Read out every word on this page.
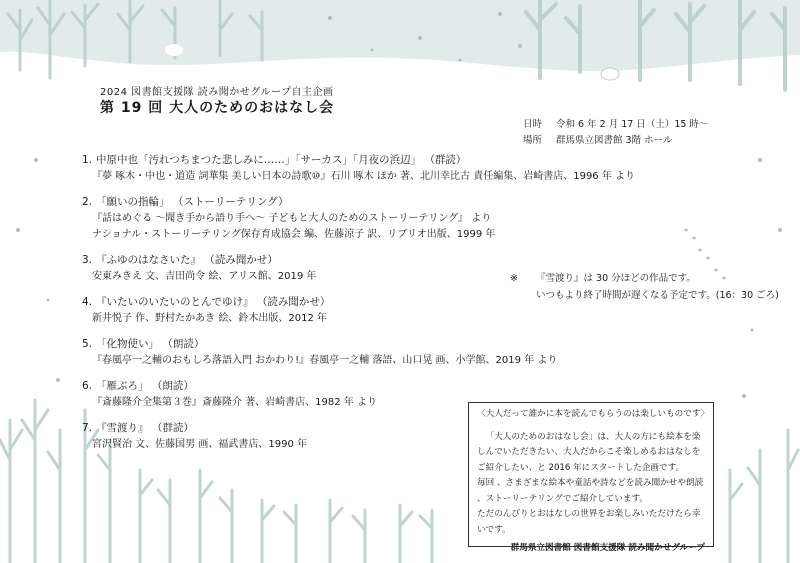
2024 図書館支援隊 読み聞かせグループ自主企画
第 19 回 大人のためのおはなし会
日時 令和 6 年 2 月 17 日（土）15 時～
場所 群馬県立図書館 3階 ホール
1. 中原中也「汚れつちまつた悲しみに……」「サーカス」「月夜の浜辺」 （群読）
『夢 啄木・中也・道造 詞華集 美しい日本の詩歌⑩』石川 啄木 ほか 著、北川幸比古 責任編集、岩崎書店、1996 年 より
2. 「願いの指輪」 （ストーリーテリング）
『話はめぐる ～聞き手から語り手へ～ 子どもと大人のためのストーリーテリング』 より
ナショナル・ストーリーテリング保存育成協会 編、佐藤涼子 訳、リブリオ出版、1999 年
3. 『ふゆのはなさいた』 （読み聞かせ）
安東みきえ 文、吉田尚令 絵、アリス館、2019 年
4. 『いたいのいたいのとんでゆけ』 （読み聞かせ）
新井悦子 作、野村たかあき 絵、鈴木出版、2012 年
5. 「化物使い」 （朗読）
『春風亭一之輔のおもしろ落語入門 おかわり!』春風亭一之輔 落語、山口晃 画、小学館、2019 年 より
6. 「雁ぶろ」 （朗読）
『斎藤隆介全集第３巻』斎藤隆介 著、岩崎書店、1982 年 より
7. 『雪渡り』 （群読）
宮沢賢治 文、佐藤国男 画、福武書店、1990 年
※ 『雪渡り』は 30 分ほどの作品です。
いつもより終了時間が遅くなる予定です。(16：30 ごろ)
〈大人だって誰かに本を読んでもらうのは楽しいものです〉

「大人のためのおはなし会」は、大人の方にも絵本を楽しんでいただきたい、大人だからこそ楽しめるおはなしをご紹介したい、と 2016 年にスタートした企画です。

毎回 、さまざまな絵本や童話や詩などを読み聞かせや朗読 、ストーリーテリングでご紹介しています。

ただのんびりとおはなしの世界をお楽しみいただけたら幸いです。

群馬県立図書館 図書館支援隊 読み聞かせグループ
